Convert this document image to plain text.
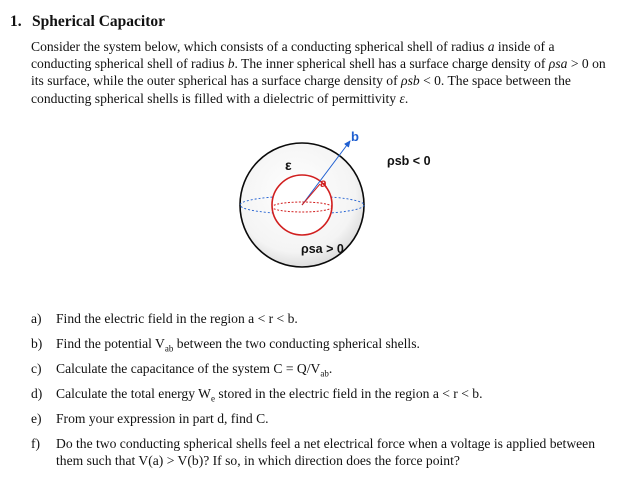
1. Spherical Capacitor

Consider the system below, which consists of a conducting spherical shell of radius a inside of a conducting spherical shell of radius b. The inner spherical shell has a surface charge density of ρsa > 0 on its surface, while the outer spherical has a surface charge density of ρsb < 0. The space between the conducting spherical shells is filled with a dielectric of permittivity ε.

b
a
ε	ρsb < 0
ρsa > 0
a) Find the electric field in the region a < r < b.
b) Find the potential $V_{ab}$ between the two conducting spherical shells.
c) Calculate the capacitance of the system $C = Q/V_{ab}$.
d) Calculate the total energy $W_e$ stored in the electric field in the region a < r < b.
e) From your expression in part d, find C.
f) Do the two conducting spherical shells feel a net electrical force when a voltage is applied between them such that V(a) > V(b)? If so, in which direction does the force point?
